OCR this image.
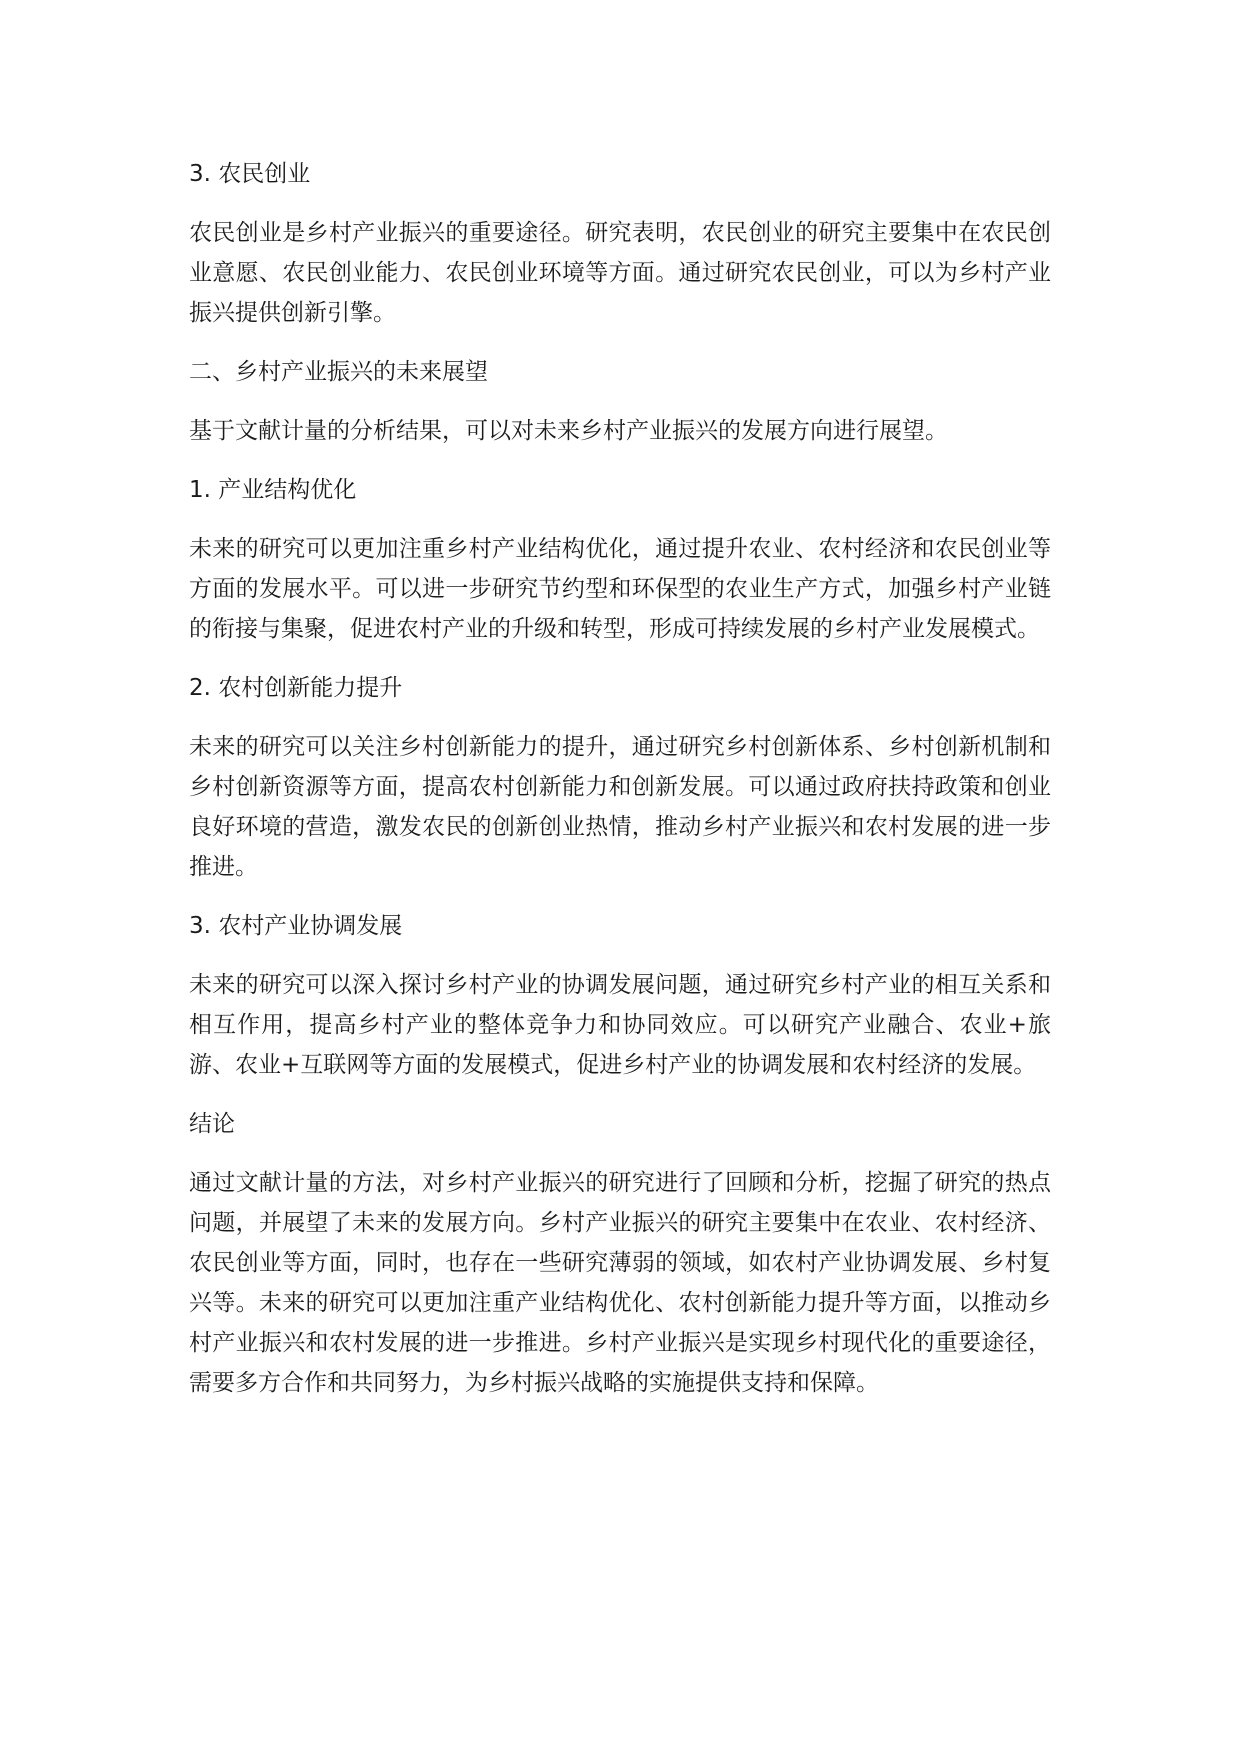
3. 农民创业

农民创业是乡村产业振兴的重要途径。研究表明，农民创业的研究主要集中在农民创业意愿、农民创业能力、农民创业环境等方面。通过研究农民创业，可以为乡村产业振兴提供创新引擎。

二、乡村产业振兴的未来展望

基于文献计量的分析结果，可以对未来乡村产业振兴的发展方向进行展望。

1. 产业结构优化

未来的研究可以更加注重乡村产业结构优化，通过提升农业、农村经济和农民创业等方面的发展水平。可以进一步研究节约型和环保型的农业生产方式，加强乡村产业链的衔接与集聚，促进农村产业的升级和转型，形成可持续发展的乡村产业发展模式。

2. 农村创新能力提升

未来的研究可以关注乡村创新能力的提升，通过研究乡村创新体系、乡村创新机制和乡村创新资源等方面，提高农村创新能力和创新发展。可以通过政府扶持政策和创业良好环境的营造，激发农民的创新创业热情，推动乡村产业振兴和农村发展的进一步推进。

3. 农村产业协调发展

未来的研究可以深入探讨乡村产业的协调发展问题，通过研究乡村产业的相互关系和相互作用，提高乡村产业的整体竞争力和协同效应。可以研究产业融合、农业+旅游、农业+互联网等方面的发展模式，促进乡村产业的协调发展和农村经济的发展。

结论

通过文献计量的方法，对乡村产业振兴的研究进行了回顾和分析，挖掘了研究的热点问题，并展望了未来的发展方向。乡村产业振兴的研究主要集中在农业、农村经济、农民创业等方面，同时，也存在一些研究薄弱的领域，如农村产业协调发展、乡村复兴等。未来的研究可以更加注重产业结构优化、农村创新能力提升等方面，以推动乡村产业振兴和农村发展的进一步推进。乡村产业振兴是实现乡村现代化的重要途径，需要多方合作和共同努力，为乡村振兴战略的实施提供支持和保障。
